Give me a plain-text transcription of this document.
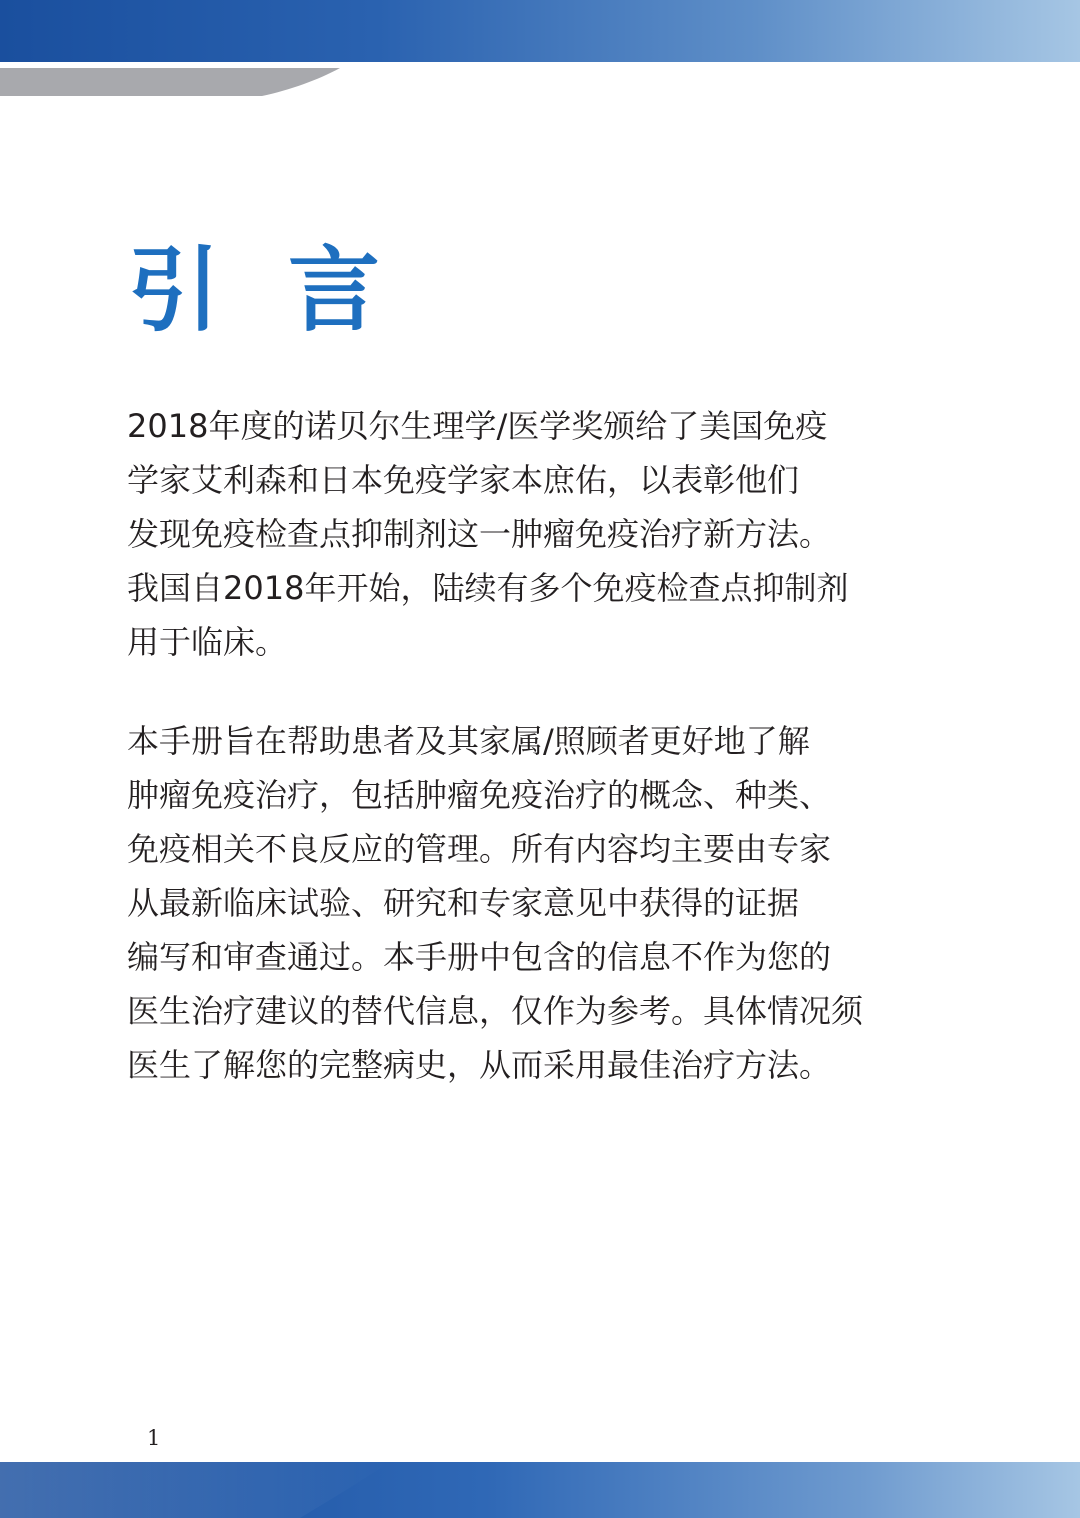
引 言
2018年度的诺贝尔生理学/医学奖颁给了美国免疫
学家艾利森和日本免疫学家本庶佑，以表彰他们
发现免疫检查点抑制剂这一肿瘤免疫治疗新方法。
我国自2018年开始，陆续有多个免疫检查点抑制剂
用于临床。
本手册旨在帮助患者及其家属/照顾者更好地了解
肿瘤免疫治疗，包括肿瘤免疫治疗的概念、种类、
免疫相关不良反应的管理。所有内容均主要由专家
从最新临床试验、研究和专家意见中获得的证据
编写和审查通过。本手册中包含的信息不作为您的
医生治疗建议的替代信息，仅作为参考。具体情况须
医生了解您的完整病史，从而采用最佳治疗方法。
1
